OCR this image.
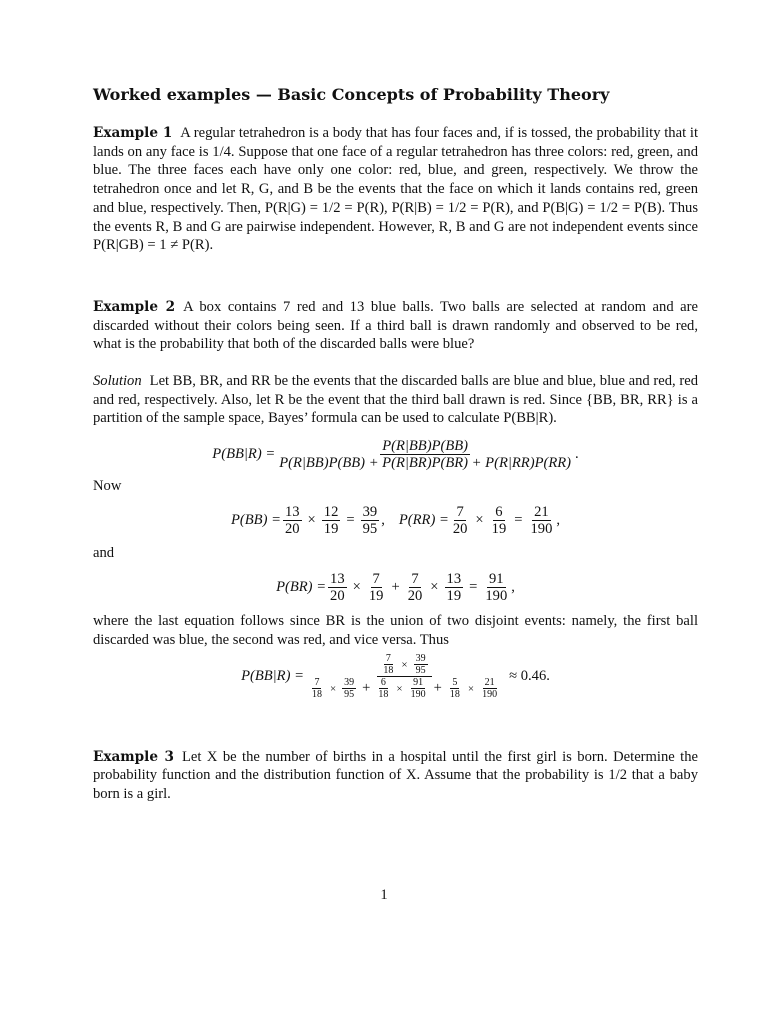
Worked examples — Basic Concepts of Probability Theory

Example 1 A regular tetrahedron is a body that has four faces and, if is tossed, the probability that it lands on any face is 1/4. Suppose that one face of a regular tetrahedron has three colors: red, green, and blue. The three faces each have only one color: red, blue, and green, respectively. We throw the tetrahedron once and let R, G, and B be the events that the face on which it lands contains red, green and blue, respectively. Then, P(R|G) = 1/2 = P(R), P(R|B) = 1/2 = P(R), and P(B|G) = 1/2 = P(B). Thus the events R, B and G are pairwise independent. However, R, B and G are not independent events since P(R|GB) = 1 ≠ P(R).

Example 2 A box contains 7 red and 13 blue balls. Two balls are selected at random and are discarded without their colors being seen. If a third ball is drawn randomly and observed to be red, what is the probability that both of the discarded balls were blue?

Solution Let BB, BR, and RR be the events that the discarded balls are blue and blue, blue and red, red and red, respectively. Also, let R be the event that the third ball drawn is red. Since {BB, BR, RR} is a partition of the sample space, Bayes’ formula can be used to calculate P(BB|R).

$P(BB|R) = \frac{P(R|BB)P(BB)}{P(R|BB)P(BB) + P(R|BR)P(BR) + P(R|RR)P(RR)}$ .

Now

$P(BB) = \frac{13}{20} \times \frac{12}{19} = \frac{39}{95}$ , $P(RR) = \frac{7}{20} \times \frac{6}{19} = \frac{21}{190}$ ,

and

$P(BR) = \frac{13}{20} \times \frac{7}{19} + \frac{7}{20} \times \frac{13}{19} = \frac{91}{190}$ ,

where the last equation follows since BR is the union of two disjoint events: namely, the first ball discarded was blue, the second was red, and vice versa. Thus

$P(BB|R) = \frac{\frac{7}{18} \times \frac{39}{95}}{\frac{7}{18} \times \frac{39}{95} + \frac{6}{18} \times \frac{91}{190} + \frac{5}{18} \times \frac{21}{190}} \approx 0.46$.

Example 3 Let X be the number of births in a hospital until the first girl is born. Determine the probability function and the distribution function of X. Assume that the probability is 1/2 that a baby born is a girl.

1
